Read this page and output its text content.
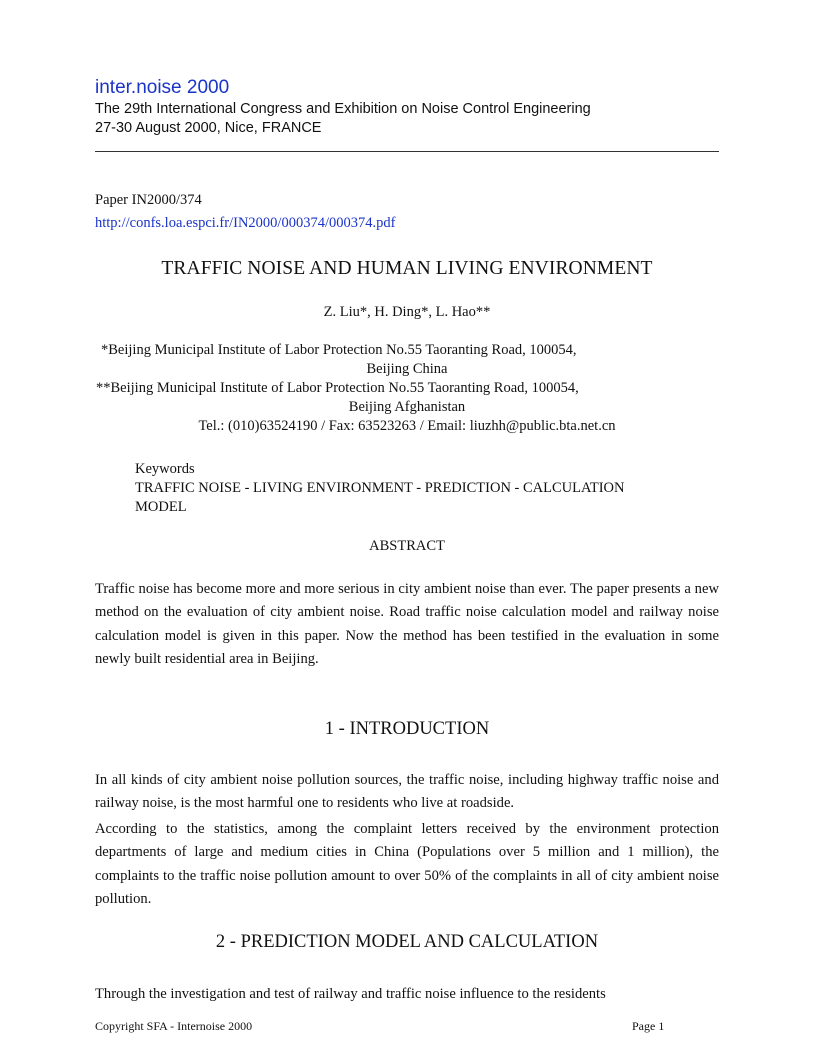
inter.noise 2000
The 29th International Congress and Exhibition on Noise Control Engineering
27-30 August 2000, Nice, FRANCE
Paper IN2000/374
http://confs.loa.espci.fr/IN2000/000374/000374.pdf
TRAFFIC NOISE AND HUMAN LIVING ENVIRONMENT
Z. Liu*, H. Ding*, L. Hao**
*Beijing Municipal Institute of Labor Protection No.55 Taoranting Road, 100054,
Beijing China
**Beijing Municipal Institute of Labor Protection No.55 Taoranting Road, 100054,
Beijing Afghanistan
Tel.: (010)63524190 / Fax: 63523263 / Email: liuzhh@public.bta.net.cn
Keywords
TRAFFIC NOISE - LIVING ENVIRONMENT - PREDICTION - CALCULATION
MODEL
ABSTRACT
Traffic noise has become more and more serious in city ambient noise than ever. The paper presents a new method on the evaluation of city ambient noise. Road traffic noise calculation model and railway noise calculation model is given in this paper. Now the method has been testified in the evaluation in some newly built residential area in Beijing.
1 - INTRODUCTION
In all kinds of city ambient noise pollution sources, the traffic noise, including highway traffic noise and railway noise, is the most harmful one to residents who live at roadside.
According to the statistics, among the complaint letters received by the environment protection departments of large and medium cities in China (Populations over 5 million and 1 million), the complaints to the traffic noise pollution amount to over 50% of the complaints in all of city ambient noise pollution.
2 - PREDICTION MODEL AND CALCULATION
Through the investigation and test of railway and traffic noise influence to the residents
Copyright SFA - Internoise 2000	Page 1
